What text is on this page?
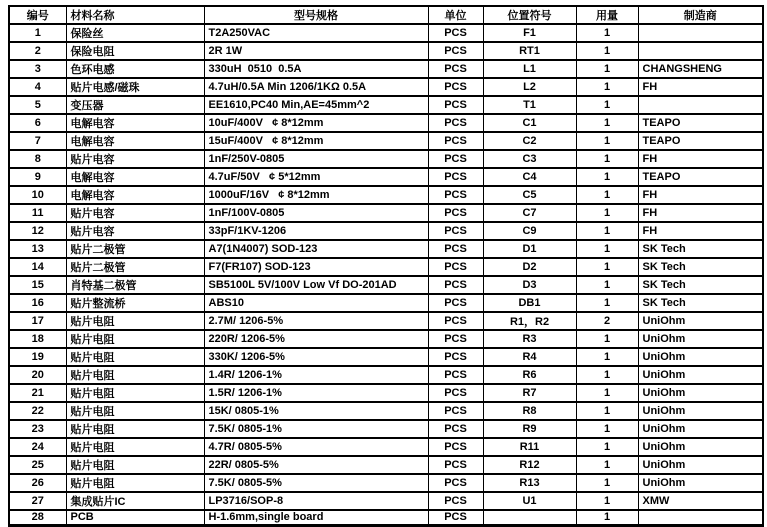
编号	材料名称	型号规格	单位	位置符号	用量	制造商
1	保险丝	T2A250VAC	PCS	F1	1	
2	保险电阻	2R 1W	PCS	RT1	1	
3	色环电感	330uH  0510  0.5A	PCS	L1	1	CHANGSHENG
4	贴片电感/磁珠	4.7uH/0.5A Min 1206/1KΩ 0.5A	PCS	L2	1	FH
5	变压器	EE1610,PC40 Min,AE=45mm^2	PCS	T1	1	
6	电解电容	10uF/400V   ¢ 8*12mm	PCS	C1	1	TEAPO
7	电解电容	15uF/400V   ¢ 8*12mm	PCS	C2	1	TEAPO
8	贴片电容	1nF/250V-0805	PCS	C3	1	FH
9	电解电容	4.7uF/50V   ¢ 5*12mm	PCS	C4	1	TEAPO
10	电解电容	1000uF/16V   ¢ 8*12mm	PCS	C5	1	FH
11	贴片电容	1nF/100V-0805	PCS	C7	1	FH
12	贴片电容	33pF/1KV-1206	PCS	C9	1	FH
13	贴片二极管	A7(1N4007) SOD-123	PCS	D1	1	SK Tech
14	贴片二极管	F7(FR107) SOD-123	PCS	D2	1	SK Tech
15	肖特基二极管	SB5100L 5V/100V Low Vf DO-201AD	PCS	D3	1	SK Tech
16	贴片整流桥	ABS10	PCS	DB1	1	SK Tech
17	贴片电阻	2.7M/ 1206-5%	PCS	R1，R2	2	UniOhm
18	贴片电阻	220R/ 1206-5%	PCS	R3	1	UniOhm
19	贴片电阻	330K/ 1206-5%	PCS	R4	1	UniOhm
20	贴片电阻	1.4R/ 1206-1%	PCS	R6	1	UniOhm
21	贴片电阻	1.5R/ 1206-1%	PCS	R7	1	UniOhm
22	贴片电阻	15K/ 0805-1%	PCS	R8	1	UniOhm
23	贴片电阻	7.5K/ 0805-1%	PCS	R9	1	UniOhm
24	贴片电阻	4.7R/ 0805-5%	PCS	R11	1	UniOhm
25	贴片电阻	22R/ 0805-5%	PCS	R12	1	UniOhm
26	贴片电阻	7.5K/ 0805-5%	PCS	R13	1	UniOhm
27	集成贴片IC	LP3716/SOP-8	PCS	U1	1	XMW
28	PCB	H-1.6mm,single board	PCS		1	
